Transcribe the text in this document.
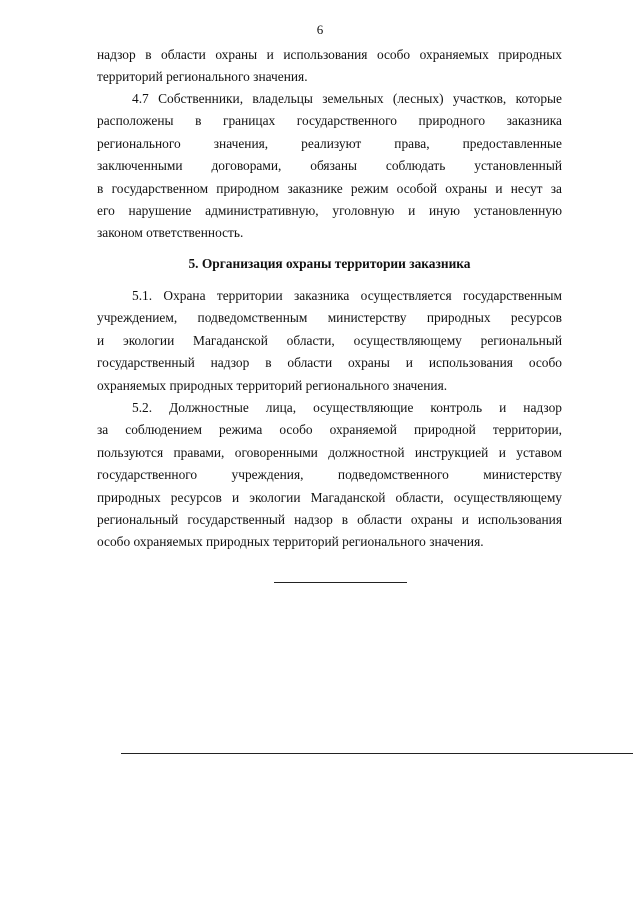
6
надзор в области охраны и использования особо охраняемых природных
территорий регионального значения.
4.7 Собственники, владельцы земельных (лесных) участков, которые
расположены в границах государственного природного заказника
регионального значения, реализуют права, предоставленные
заключенными договорами, обязаны соблюдать установленный
в государственном природном заказнике режим особой охраны и несут за
его нарушение административную, уголовную и иную установленную
законом ответственность.
5. Организация охраны территории заказника
5.1. Охрана территории заказника осуществляется государственным
учреждением, подведомственным министерству природных ресурсов
и экологии Магаданской области, осуществляющему региональный
государственный надзор в области охраны и использования особо
охраняемых природных территорий регионального значения.
5.2. Должностные лица, осуществляющие контроль и надзор
за соблюдением режима особо охраняемой природной территории,
пользуются правами, оговоренными должностной инструкцией и уставом
государственного учреждения, подведомственного министерству
природных ресурсов и экологии Магаданской области, осуществляющему
региональный государственный надзор в области охраны и использования
особо охраняемых природных территорий регионального значения.
